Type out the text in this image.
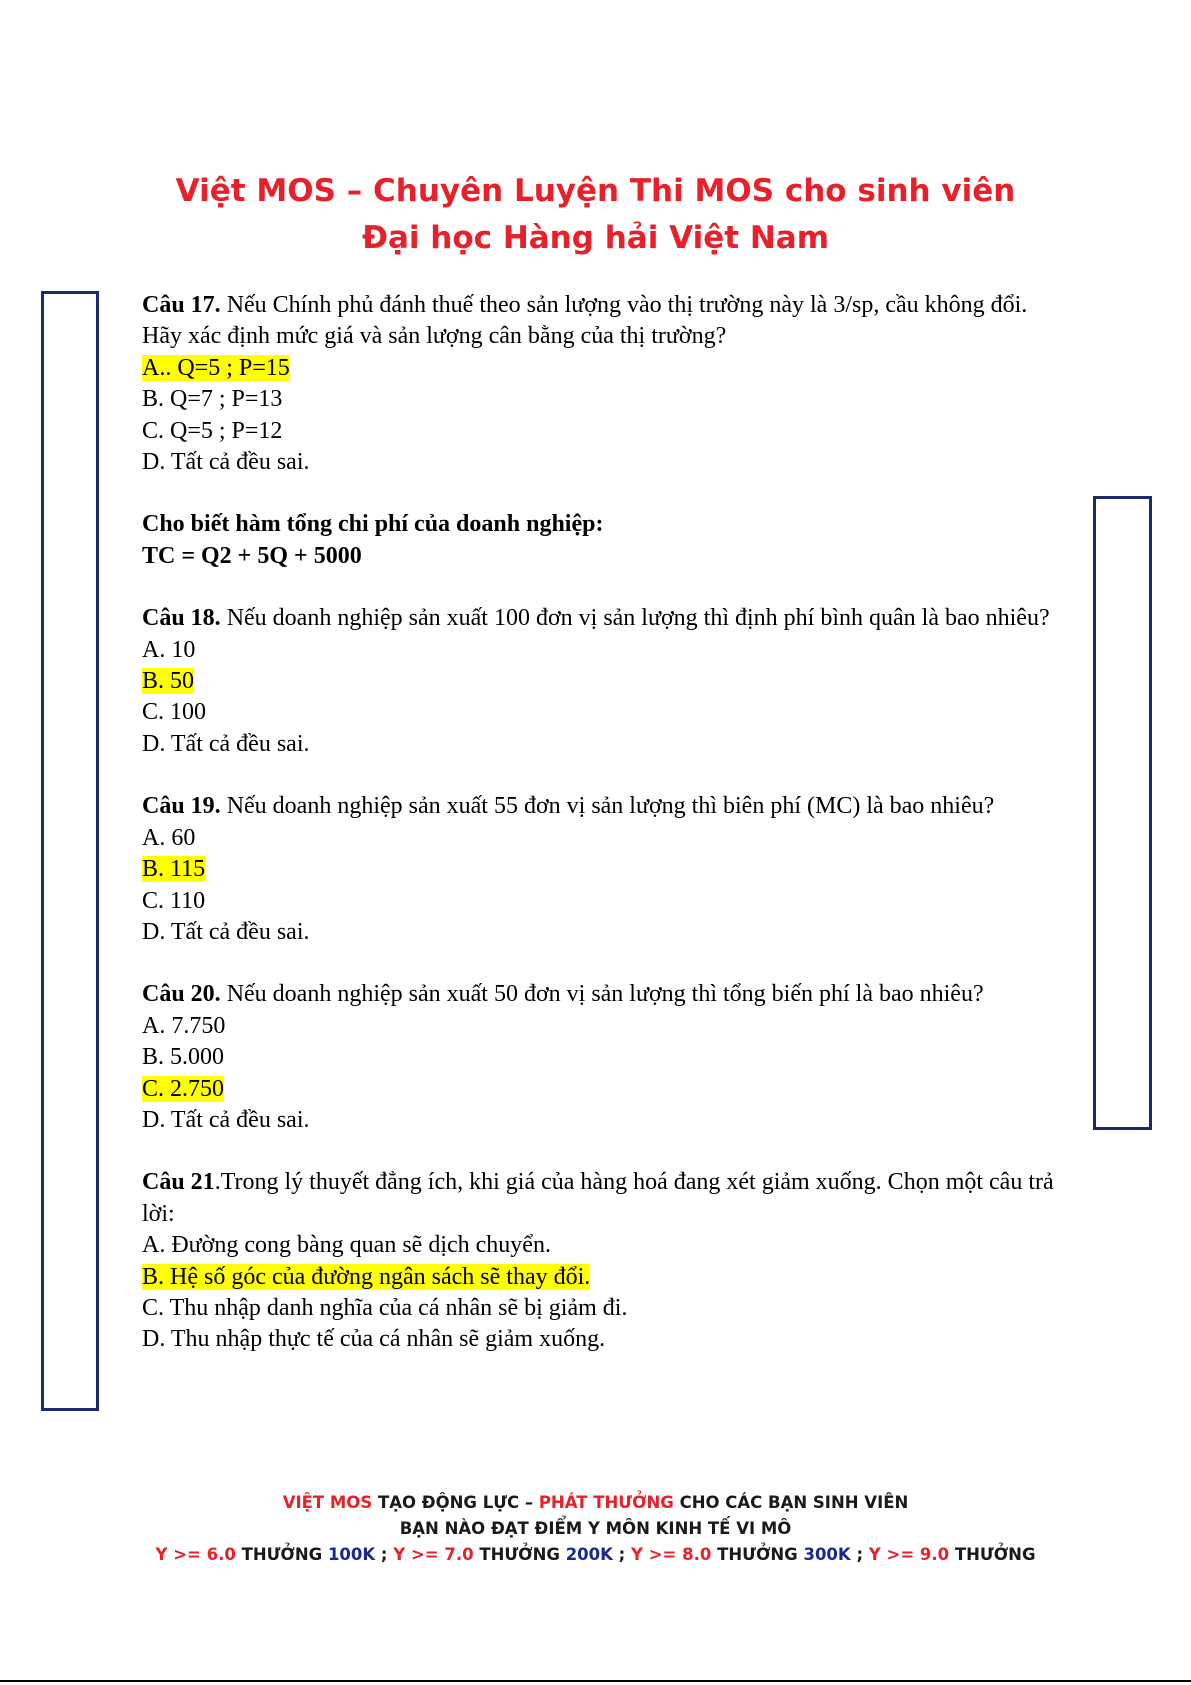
Việt MOS – Chuyên Luyện Thi MOS cho sinh viên
Đại học Hàng hải Việt Nam

Câu 17. Nếu Chính phủ đánh thuế theo sản lượng vào thị trường này là 3/sp, cầu không đổi. Hãy xác định mức giá và sản lượng cân bằng của thị trường?

A.. Q=5 ; P=15

B. Q=7 ; P=13

C. Q=5 ; P=12

D. Tất cả đều sai.

Cho biết hàm tổng chi phí của doanh nghiệp:

TC = Q2 + 5Q + 5000

Câu 18. Nếu doanh nghiệp sản xuất 100 đơn vị sản lượng thì định phí bình quân là bao nhiêu?

A. 10

B. 50

C. 100

D. Tất cả đều sai.

Câu 19. Nếu doanh nghiệp sản xuất 55 đơn vị sản lượng thì biên phí (MC) là bao nhiêu?

A. 60

B. 115

C. 110

D. Tất cả đều sai.

Câu 20. Nếu doanh nghiệp sản xuất 50 đơn vị sản lượng thì tổng biến phí là bao nhiêu?

A. 7.750

B. 5.000

C. 2.750

D. Tất cả đều sai.

Câu 21.Trong lý thuyết đẳng ích, khi giá của hàng hoá đang xét giảm xuống. Chọn một câu trả lời:

A. Đường cong bàng quan sẽ dịch chuyển.

B. Hệ số góc của đường ngân sách sẽ thay đổi.

C. Thu nhập danh nghĩa của cá nhân sẽ bị giảm đi.

D. Thu nhập thực tế của cá nhân sẽ giảm xuống.

VIỆT MOS TẠO ĐỘNG LỰC – PHÁT THƯỞNG CHO CÁC BẠN SINH VIÊN
BẠN NÀO ĐẠT ĐIỂM Y MÔN KINH TẾ VI MÔ
Y >= 6.0 THƯỞNG 100K ; Y >= 7.0 THƯỞNG 200K ; Y >= 8.0 THƯỞNG 300K ; Y >= 9.0 THƯỞNG
